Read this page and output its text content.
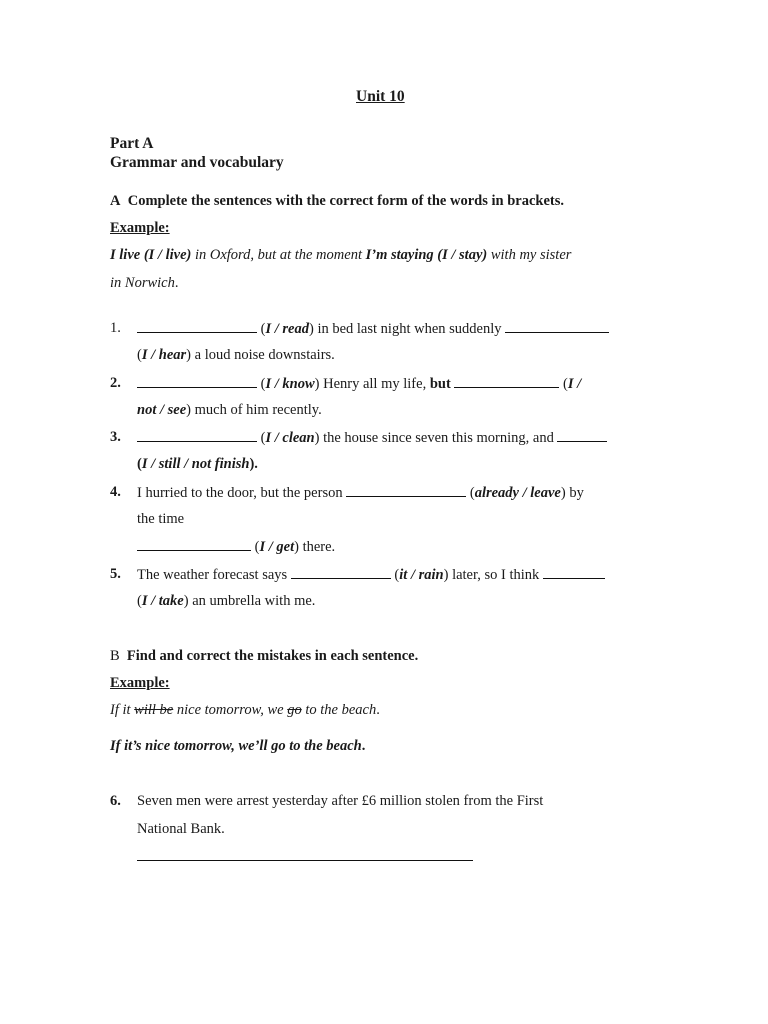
Unit 10
Part A
Grammar and vocabulary
A Complete the sentences with the correct form of the words in brackets.
Example:
I live (I / live) in Oxford, but at the moment I’m staying (I / stay) with my sister
in Norwich.
1.	(I / read) in bed last night when suddenly
(I / hear) a loud noise downstairs.
2.	(I / know) Henry all my life, but	(I /
not / see) much of him recently.
3.	(I / clean) the house since seven this morning, and
(I / still / not finish).
4. I hurried to the door, but the person	(already / leave) by
the time
(I / get) there.
5. The weather forecast says	(it / rain) later, so I think
(I / take) an umbrella with me.
B Find and correct the mistakes in each sentence.
Example:
If it will be nice tomorrow, we go to the beach.
If it’s nice tomorrow, we’ll go to the beach.
6. Seven men were arrest yesterday after £6 million stolen from the First
National Bank.
